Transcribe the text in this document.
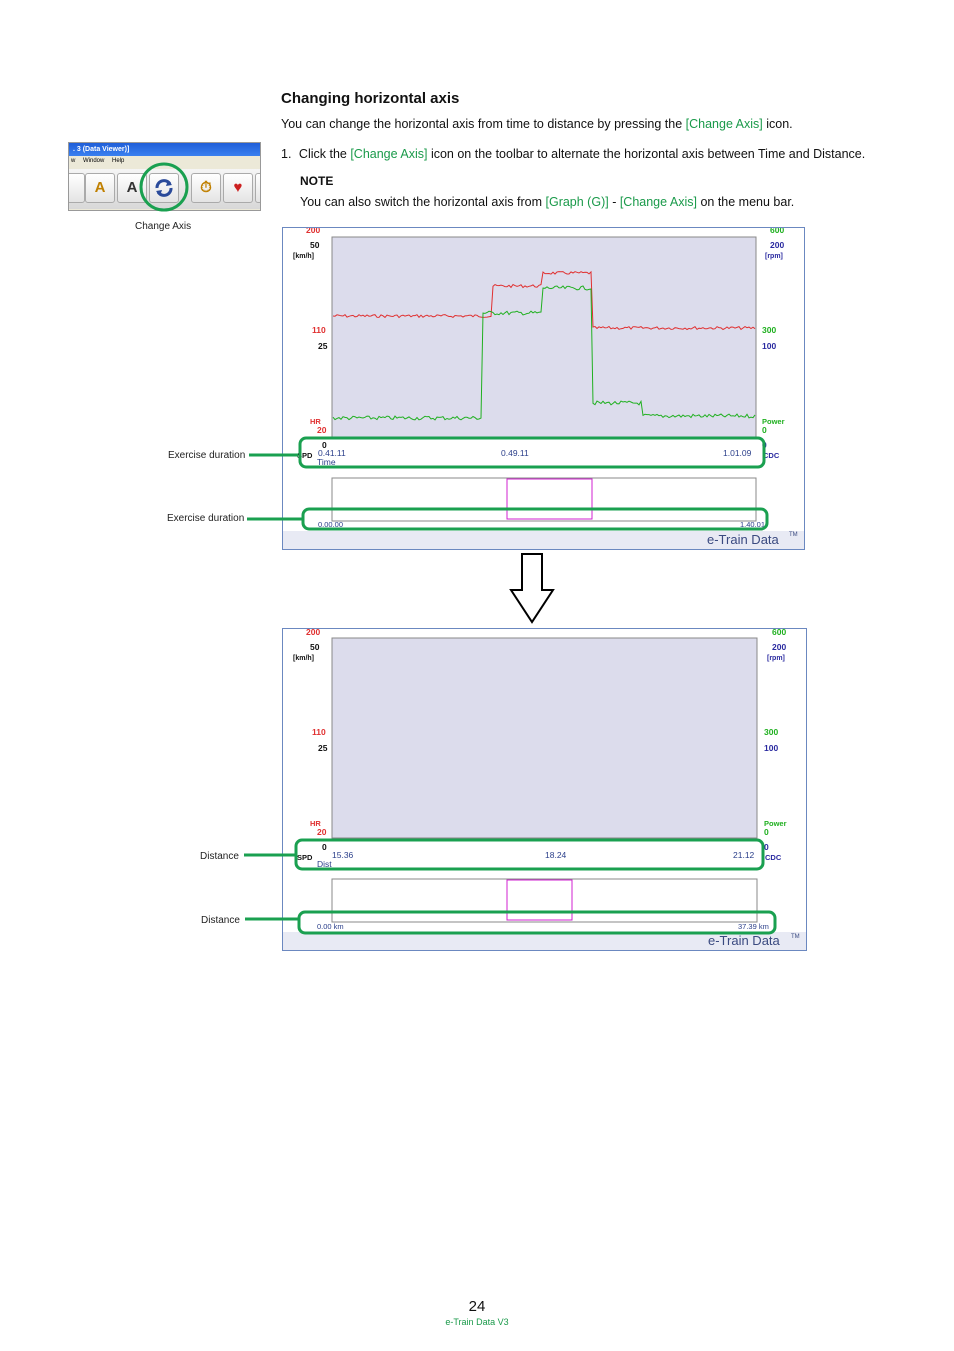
Changing horizontal axis
You can change the horizontal axis from time to distance by pressing the [Change Axis] icon.
1. Click the [Change Axis] icon on the toolbar to alternate the horizontal axis between Time and Distance.
NOTE
You can also switch the horizontal axis from [Graph (G)] - [Change Axis] on the menu bar.
. 3 (Data Viewer)]
w Window Help
A	A	⏱	♥
Change Axis	200
50
[km/h]
110
25
HR
20
0
SPD
600
200
[rpm]
300
100
Power
0
0
CDC
0.41.11	0.49.11	1.01.09
Time
0.00.00	1.40.01
e-Train Data TM
Exercise duration
Exercise duration
200
50
[km/h]
110
25
HR
20
0
SPD
600
200
[rpm]
300
100
Power
0
0
CDC
15.36	18.24	21.12
Dist
0.00 km	37.39 km
e-Train Data TM
Distance
Distance
24
e-Train Data V3
